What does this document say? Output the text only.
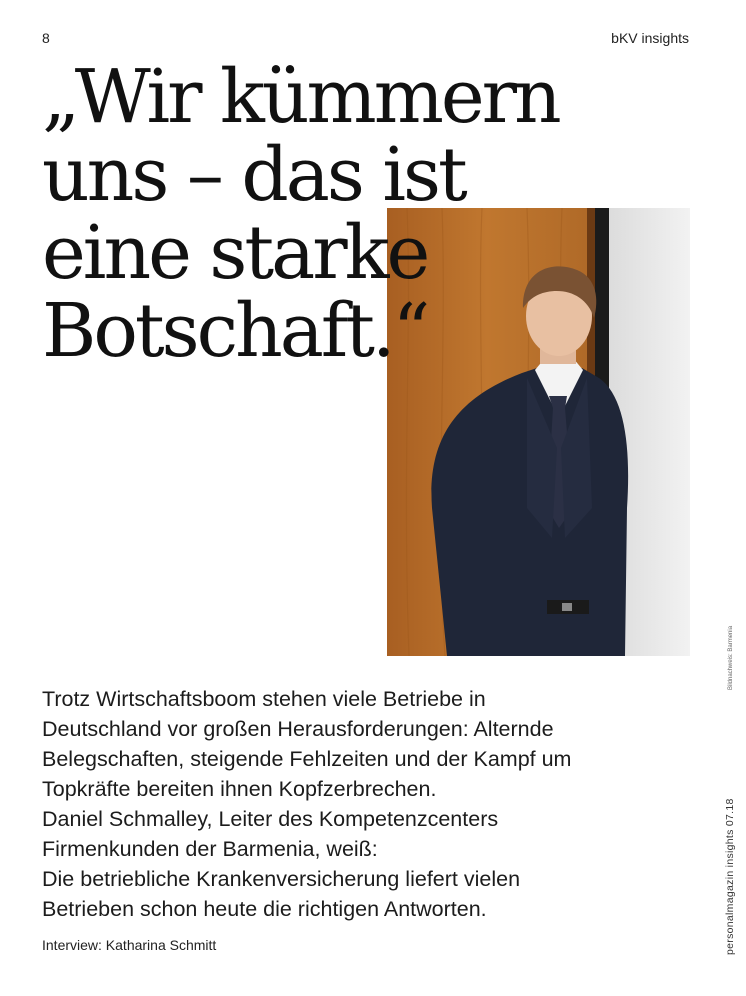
8	bKV insights
„Wir kümmern
uns – das ist
eine starke
Botschaft.“

Trotz Wirtschaftsboom stehen viele Betriebe in
Deutschland vor großen Herausforderungen: Alternde
Belegschaften, steigende Fehlzeiten und der Kampf um
Topkräfte bereiten ihnen Kopfzerbrechen.
Daniel Schmalley, Leiter des Kompetenzcenters
Firmenkunden der Barmenia, weiß:
Die betriebliche Krankenversicherung liefert vielen
Betrieben schon heute die richtigen Antworten.

Interview: Katharina Schmitt
Bildnachweis: Barmenia
personalmagazin insights 07.18
